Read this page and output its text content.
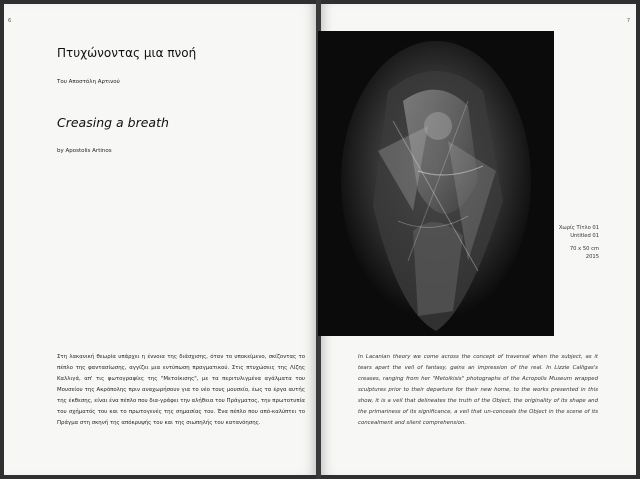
6	7
Πτυχώνοντας μια πνοή
Του Αποστόλη Αρτινού
Creasing a breath
by Apostolis Artinos
Χωρίς Τίτλο 01
Untitled 01
70 x 50 cm
2015
Στη λακανική θεωρία υπάρχει η έννοια της διάσχισης, όταν το υποκείμενο, σκίζοντας το πέπλο της φαντασίωσης, αγγίζει μια εντύπωση πραγματικού. Στις πτυχώσεις της Λίζης Καλλιγά, απ' τις φωτογραφίες της "Μετοίκισης", με τα περιτυλιγμένα αγάλματα του Μουσείου της Ακρόπολης πριν αναχωρήσουν για το νέο τους μουσείο, έως τα έργα αυτής της έκθεσης, είναι ένα πέπλο που δια-γράφει την αλήθεια του Πράγματος, την πρωτοτυπία του σχήματός του και το πρωτογενές της σημασίας του. Ένα πέπλο που από-καλύπτει το Πράγμα στη σκηνή της απόκρυψής του και της σιωπηλής του κατανόησης.
In Lacanian theory we come across the concept of traversal when the subject, as it tears apart the veil of fantasy, gains an impression of the real. In Lizzie Calligas's creases, ranging from her "Metoikisis" photographs of the Acropolis Museum wrapped sculptures prior to their departure for their new home, to the works presented in this show, it is a veil that delineates the truth of the Object, the originality of its shape and the primariness of its significance, a veil that un-conceals the Object in the scene of its concealment and silent comprehension.
